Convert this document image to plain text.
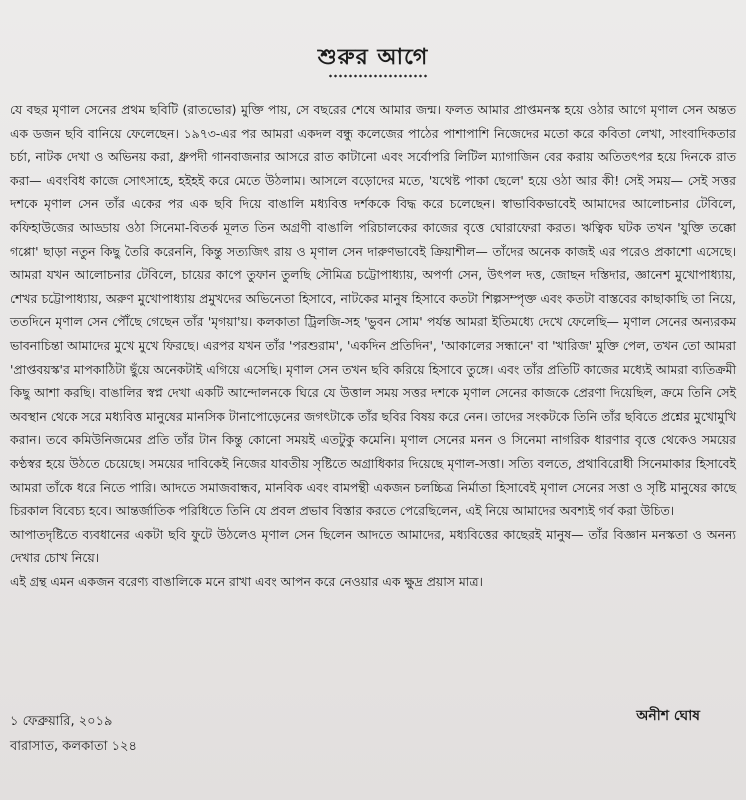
শুরুর আগে

যে বছর মৃণাল সেনের প্রথম ছবিটি (রাতভোর) মুক্তি পায়, সে বছরের শেষে আমার জন্ম। ফলত আমার প্রাপ্তমনস্ক হয়ে ওঠার আগে মৃণাল সেন অন্তত এক ডজন ছবি বানিয়ে ফেলেছেন। ১৯৭৩-এর পর আমরা একদল বন্ধু কলেজের পাঠের পাশাপাশি নিজেদের মতো করে কবিতা লেখা, সাংবাদিকতার চর্চা, নাটক দেখা ও অভিনয় করা, ধ্রুপদী গানবাজনার আসরে রাত কাটানো এবং সর্বোপরি লিটিল ম্যাগাজিন বের করায় অতিতৎপর হয়ে দিনকে রাত করা— এবংবিধ কাজে সোৎসাহে, হইহই করে মেতে উঠলাম। আসলে বড়োদের মতে, 'যথেষ্ট পাকা ছেলে' হয়ে ওঠা আর কী! সেই সময়— সেই সত্তর দশকে মৃণাল সেন তাঁর একের পর এক ছবি দিয়ে বাঙালি মধ্যবিত্ত দর্শককে বিদ্ধ করে চলেছেন। স্বাভাবিকভাবেই আমাদের আলোচনার টেবিলে, কফিহাউজের আড্ডায় ওঠা সিনেমা-বিতর্ক মূলত তিন অগ্রণী বাঙালি পরিচালকের কাজের বৃত্তে ঘোরাফেরা করত। ঋত্বিক ঘটক তখন 'যুক্তি তক্কো গপ্পো' ছাড়া নতুন কিছু তৈরি করেননি, কিন্তু সত্যজিৎ রায় ও মৃণাল সেন দারুণভাবেই ক্রিয়াশীল— তাঁদের অনেক কাজই এর পরেও প্রকাশো এসেছে। আমরা যখন আলোচনার টেবিলে, চায়ের কাপে তুফান তুলছি সৌমিত্র চট্টোপাধ্যায়, অপর্ণা সেন, উৎপল দত্ত, জোছন দস্তিদার, জ্ঞানেশ মুখোপাধ্যায়, শেখর চট্টোপাধ্যায়, অরুণ মুখোপাধ্যায় প্রমুখদের অভিনেতা হিসাবে, নাটকের মানুষ হিসাবে কতটা শিল্পসম্পৃক্ত এবং কতটা বাস্তবের কাছাকাছি তা নিয়ে, ততদিনে মৃণাল সেন পৌঁছে গেছেন তাঁর 'মৃগয়া'য়। কলকাতা ট্রিলজি-সহ 'ভুবন সোম' পর্যন্ত আমরা ইতিমধ্যে দেখে ফেলেছি— মৃণাল সেনের অন্যরকম ভাবনাচিন্তা আমাদের মুখে মুখে ফিরছে। এরপর যখন তাঁর 'পরশুরাম', 'একদিন প্রতিদিন', 'আকালের সন্ধানে' বা 'খারিজ' মুক্তি পেল, তখন তো আমরা 'প্রাপ্তবয়স্ক'র মাপকাঠিটা ছুঁয়ে অনেকটাই এগিয়ে এসেছি। মৃণাল সেন তখন ছবি করিয়ে হিসাবে তুঙ্গে। এবং তাঁর প্রতিটি কাজের মধ্যেই আমরা ব্যতিক্রমী কিছু আশা করছি। বাঙালির স্বপ্ন দেখা একটি আন্দোলনকে ঘিরে যে উত্তাল সময় সত্তর দশকে মৃণাল সেনের কাজকে প্রেরণা দিয়েছিল, ক্রমে তিনি সেই অবস্থান থেকে সরে মধ্যবিত্ত মানুষের মানসিক টানাপোড়েনের জগৎটাকে তাঁর ছবির বিষয় করে নেন। তাদের সংকটকে তিনি তাঁর ছবিতে প্রশ্নের মুখোমুখি করান। তবে কমিউনিজমের প্রতি তাঁর টান কিন্তু কোনো সময়ই এতটুকু কমেনি। মৃণাল সেনের মনন ও সিনেমা নাগরিক ধারণার বৃত্তে থেকেও সময়ের কণ্ঠস্বর হয়ে উঠতে চেয়েছে। সময়ের দাবিকেই নিজের যাবতীয় সৃষ্টিতে অগ্রাধিকার দিয়েছে মৃণাল-সত্তা। সত্যি বলতে, প্রথাবিরোধী সিনেমাকার হিসাবেই আমরা তাঁকে ধরে নিতে পারি। আদতে সমাজবান্ধব, মানবিক এবং বামপন্থী একজন চলচ্চিত্র নির্মাতা হিসাবেই মৃণাল সেনের সত্তা ও সৃষ্টি মানুষের কাছে চিরকাল বিবেচ্য হবে। আন্তর্জাতিক পরিধিতে তিনি যে প্রবল প্রভাব বিস্তার করতে পেরেছিলেন, এই নিয়ে আমাদের অবশ্যই গর্ব করা উচিত।

আপাতদৃষ্টিতে ব্যবধানের একটা ছবি ফুটে উঠলেও মৃণাল সেন ছিলেন আদতে আমাদের, মধ্যবিত্তের কাছেরই মানুষ— তাঁর বিজ্ঞান মনস্কতা ও অনন্য দেখার চোখ নিয়ে।

এই গ্রন্থ এমন একজন বরেণ্য বাঙালিকে মনে রাখা এবং আপন করে নেওয়ার এক ক্ষুদ্র প্রয়াস মাত্র।

অনীশ ঘোষ
১ ফেব্রুয়ারি, ২০১৯
বারাসাত, কলকাতা ১২৪
